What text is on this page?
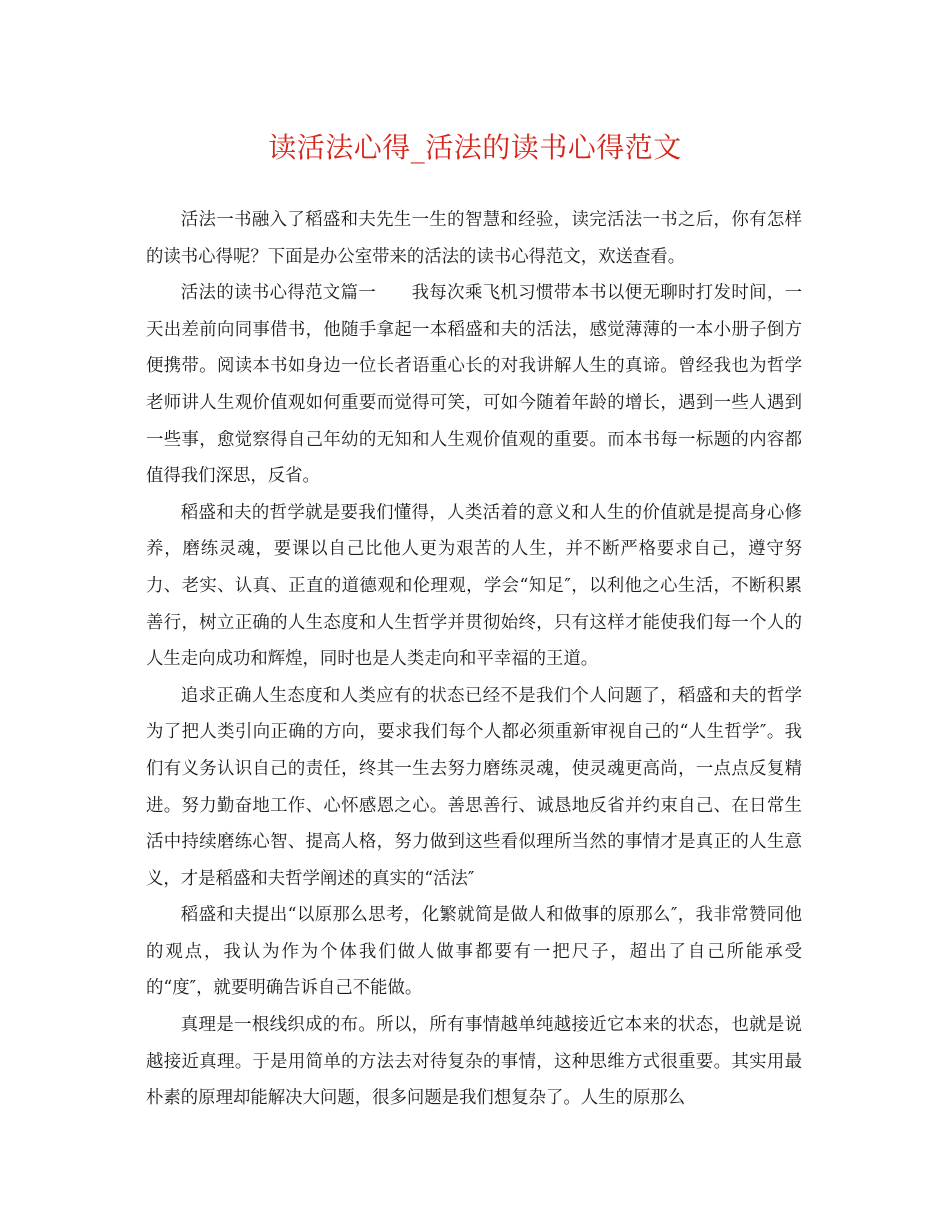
读活法心得_活法的读书心得范文

活法一书融入了稻盛和夫先生一生的智慧和经验，读完活法一书之后，你有怎样的读书心得呢？下面是办公室带来的活法的读书心得范文，欢送查看。

活法的读书心得范文篇一　　我每次乘飞机习惯带本书以便无聊时打发时间，一天出差前向同事借书，他随手拿起一本稻盛和夫的活法，感觉薄薄的一本小册子倒方便携带。阅读本书如身边一位长者语重心长的对我讲解人生的真谛。曾经我也为哲学老师讲人生观价值观如何重要而觉得可笑，可如今随着年龄的增长，遇到一些人遇到一些事，愈觉察得自己年幼的无知和人生观价值观的重要。而本书每一标题的内容都值得我们深思，反省。

稻盛和夫的哲学就是要我们懂得，人类活着的意义和人生的价值就是提高身心修养，磨练灵魂，要课以自己比他人更为艰苦的人生，并不断严格要求自己，遵守努力、老实、认真、正直的道德观和伦理观，学会“知足″，以利他之心生活，不断积累善行，树立正确的人生态度和人生哲学并贯彻始终，只有这样才能使我们每一个人的人生走向成功和辉煌，同时也是人类走向和平幸福的王道。

追求正确人生态度和人类应有的状态已经不是我们个人问题了，稻盛和夫的哲学为了把人类引向正确的方向，要求我们每个人都必须重新审视自己的“人生哲学″。我们有义务认识自己的责任，终其一生去努力磨练灵魂，使灵魂更高尚，一点点反复精进。努力勤奋地工作、心怀感恩之心。善思善行、诚恳地反省并约束自己、在日常生活中持续磨练心智、提高人格，努力做到这些看似理所当然的事情才是真正的人生意义，才是稻盛和夫哲学阐述的真实的“活法″

稻盛和夫提出“以原那么思考，化繁就简是做人和做事的原那么″，我非常赞同他的观点，我认为作为个体我们做人做事都要有一把尺子，超出了自己所能承受的“度″，就要明确告诉自己不能做。

真理是一根线织成的布。所以，所有事情越单纯越接近它本来的状态，也就是说越接近真理。于是用简单的方法去对待复杂的事情，这种思维方式很重要。其实用最朴素的原理却能解决大问题，很多问题是我们想复杂了。人生的原那么
